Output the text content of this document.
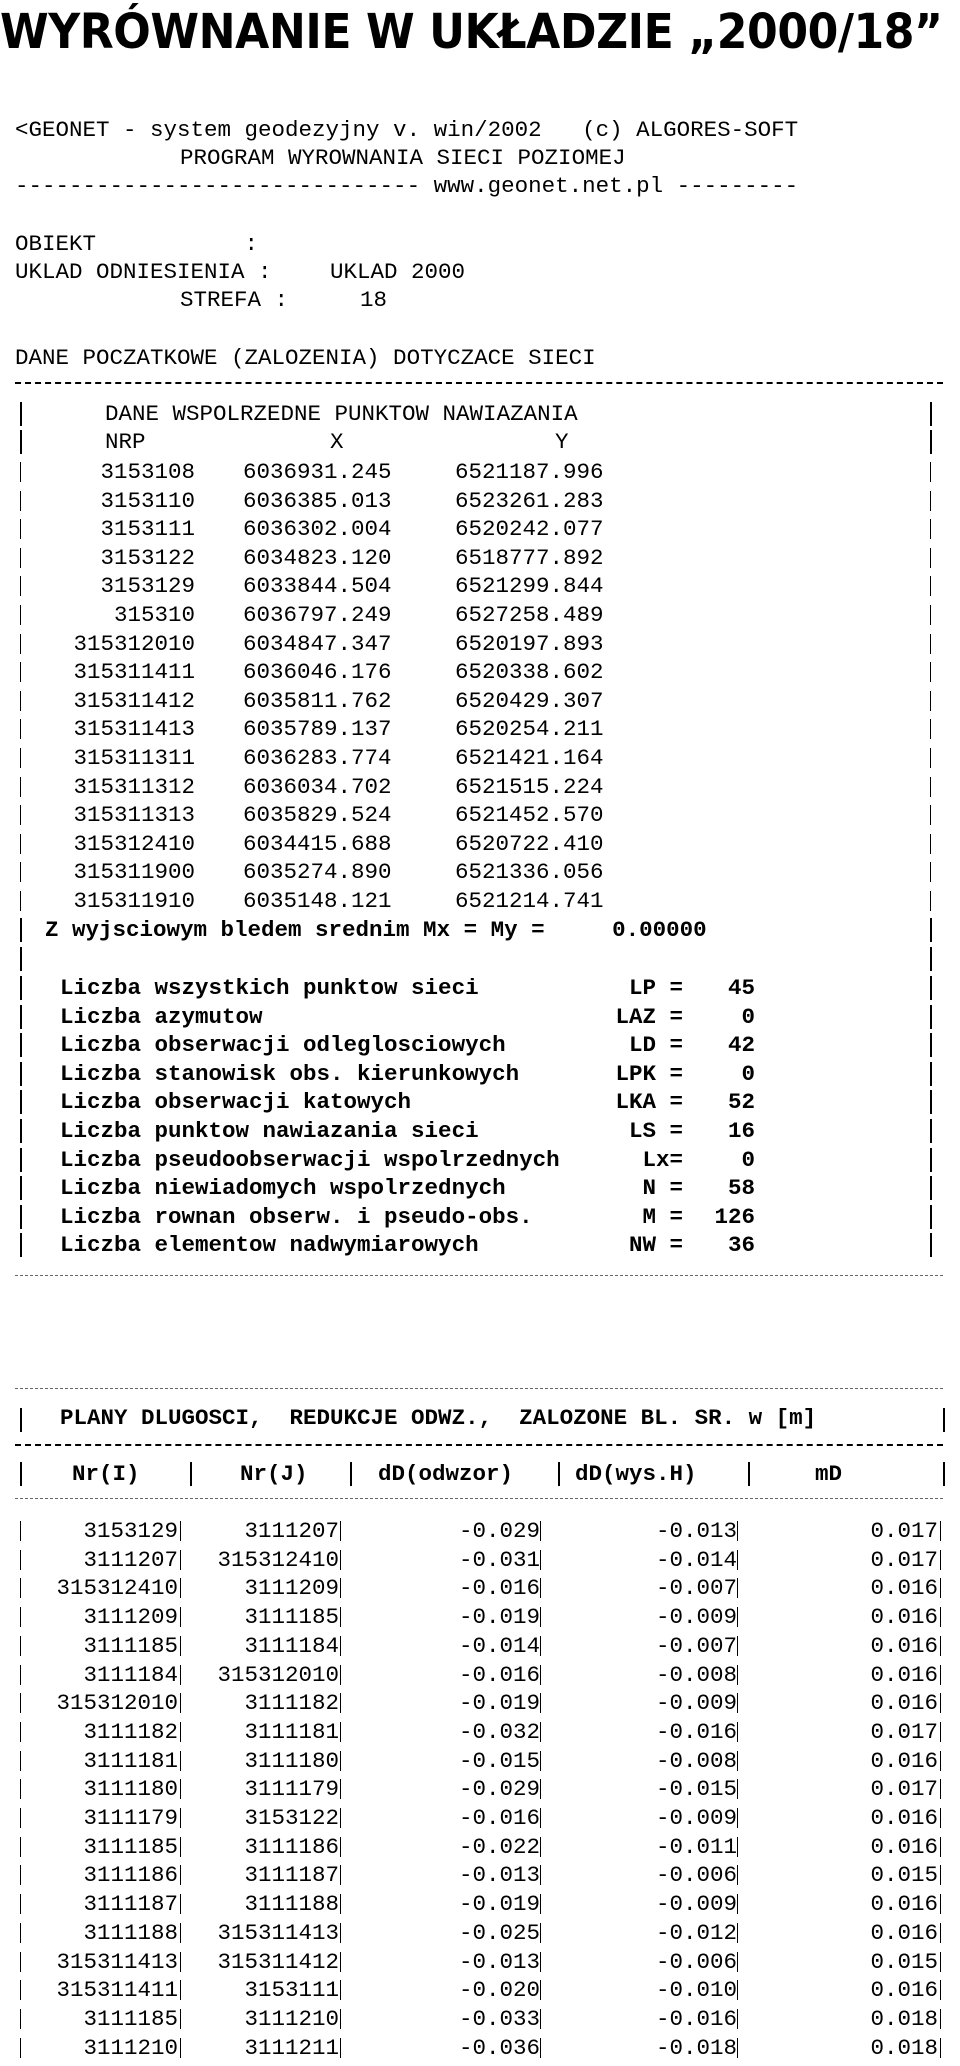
WYRÓWNANIE W UKŁADZIE „2000/18”
<GEONET - system geodezyjny v. win/2002   (c) ALGORES-SOFT
PROGRAM WYROWNANIA SIECI POZIOMEJ
------------------------------ www.geonet.net.pl ---------
OBIEKT           :
UKLAD ODNIESIENIA :	UKLAD 2000
STREFA :	18
DANE POCZATKOWE (ZALOZENIA) DOTYCZACE SIECI
DANE WSPOLRZEDNE PUNKTOW NAWIAZANIA
NRP	X	Y
Z wyjsciowym bledem srednim Mx = My =     0.00000
PLANY DLUGOSCI,  REDUKCJE ODWZ.,  ZALOZONE BL. SR. w [m]
3153108 6036931.245	6521187.996
3153110 6036385.013	6523261.283
3153111 6036302.004	6520242.077
3153122 6034823.120	6518777.892
3153129 6033844.504	6521299.844
315310 6036797.249	6527258.489
315312010 6034847.347	6520197.893
315311411 6036046.176	6520338.602
315311412 6035811.762	6520429.307
315311413 6035789.137	6520254.211
315311311 6036283.774	6521421.164
315311312 6036034.702	6521515.224
315311313 6035829.524	6521452.570
315312410 6034415.688	6520722.410
315311900 6035274.890	6521336.056
315311910 6035148.121	6521214.741
Liczba wszystkich punktow sieci	LP =	45
Liczba azymutow	LAZ =	0
Liczba obserwacji odleglosciowych	LD =	42
Liczba stanowisk obs. kierunkowych	LPK =	0
Liczba obserwacji katowych	LKA =	52
Liczba punktow nawiazania sieci	LS =	16
Liczba pseudoobserwacji wspolrzednych	Lx=	0
Liczba niewiadomych wspolrzednych	N =	58
Liczba rownan obserw. i pseudo-obs.	M =	126
Liczba elementow nadwymiarowych	NW =	36
Nr(I)	Nr(J)	dD(odwzor)	dD(wys.H)	mD
3153129	3111207	-0.029	-0.013	0.017
3111207	315312410	-0.031	-0.014	0.017
315312410	3111209	-0.016	-0.007	0.016
3111209	3111185	-0.019	-0.009	0.016
3111185	3111184	-0.014	-0.007	0.016
3111184	315312010	-0.016	-0.008	0.016
315312010	3111182	-0.019	-0.009	0.016
3111182	3111181	-0.032	-0.016	0.017
3111181	3111180	-0.015	-0.008	0.016
3111180	3111179	-0.029	-0.015	0.017
3111179	3153122	-0.016	-0.009	0.016
3111185	3111186	-0.022	-0.011	0.016
3111186	3111187	-0.013	-0.006	0.015
3111187	3111188	-0.019	-0.009	0.016
3111188	315311413	-0.025	-0.012	0.016
315311413	315311412	-0.013	-0.006	0.015
315311411	3153111	-0.020	-0.010	0.016
3111185	3111210	-0.033	-0.016	0.018
3111210	3111211	-0.036	-0.018	0.018
